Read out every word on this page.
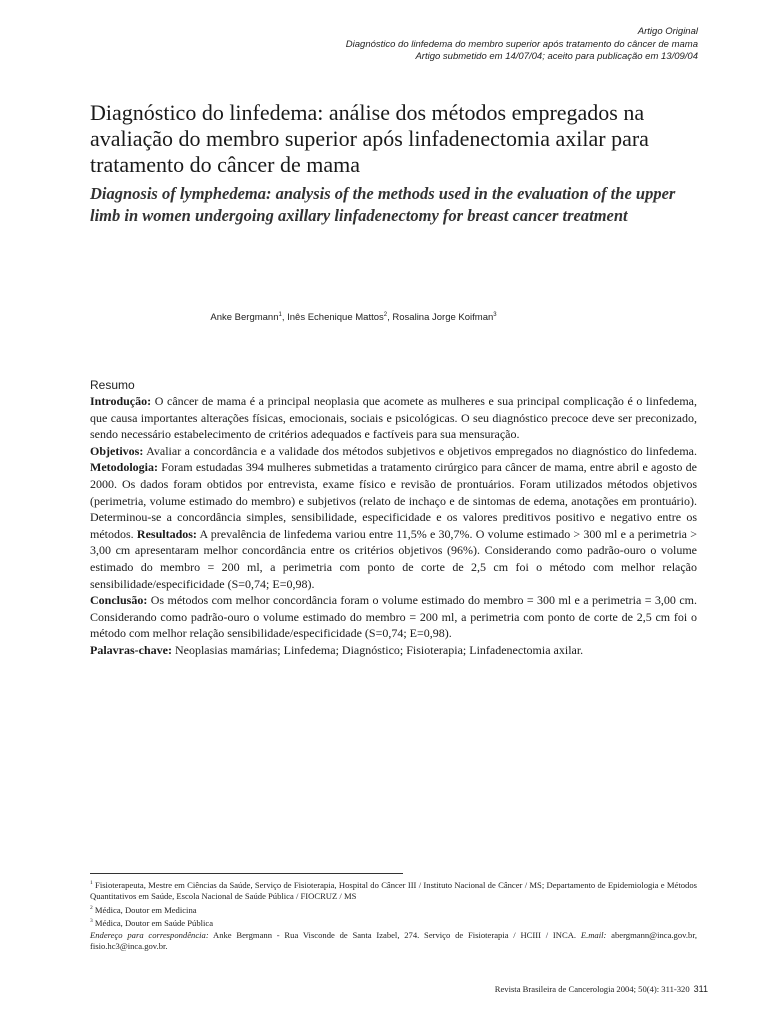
Artigo Original
Diagnóstico do linfedema do membro superior após tratamento do câncer de mama
Artigo submetido em 14/07/04; aceito para publicação em 13/09/04
Diagnóstico do linfedema: análise dos métodos empregados na avaliação do membro superior após linfadenectomia axilar para tratamento do câncer de mama
Diagnosis of lymphedema: analysis of the methods used in the evaluation of the upper limb in women undergoing axillary linfadenectomy for breast cancer treatment
Anke Bergmann$^1$, Inês Echenique Mattos$^2$, Rosalina Jorge Koifman$^3$
Resumo

Introdução: O câncer de mama é a principal neoplasia que acomete as mulheres e sua principal complicação é o linfedema, que causa importantes alterações físicas, emocionais, sociais e psicológicas. O seu diagnóstico precoce deve ser preconizado, sendo necessário estabelecimento de critérios adequados e factíveis para sua mensuração.

Objetivos: Avaliar a concordância e a validade dos métodos subjetivos e objetivos empregados no diagnóstico do linfedema. Metodologia: Foram estudadas 394 mulheres submetidas a tratamento cirúrgico para câncer de mama, entre abril e agosto de 2000. Os dados foram obtidos por entrevista, exame físico e revisão de prontuários. Foram utilizados métodos objetivos (perimetria, volume estimado do membro) e subjetivos (relato de inchaço e de sintomas de edema, anotações em prontuário). Determinou-se a concordância simples, sensibilidade, especificidade e os valores preditivos positivo e negativo entre os métodos. Resultados: A prevalência de linfedema variou entre 11,5% e 30,7%. O volume estimado > 300 ml e a perimetria > 3,00 cm apresentaram melhor concordância entre os critérios objetivos (96%). Considerando como padrão-ouro o volume estimado do membro = 200 ml, a perimetria com ponto de corte de 2,5 cm foi o método com melhor relação sensibilidade/especificidade (S=0,74; E=0,98).

Conclusão: Os métodos com melhor concordância foram o volume estimado do membro = 300 ml e a perimetria = 3,00 cm. Considerando como padrão-ouro o volume estimado do membro = 200 ml, a perimetria com ponto de corte de 2,5 cm foi o método com melhor relação sensibilidade/especificidade (S=0,74; E=0,98).

Palavras-chave: Neoplasias mamárias; Linfedema; Diagnóstico; Fisioterapia; Linfadenectomia axilar.

$^1$ Fisioterapeuta, Mestre em Ciências da Saúde, Serviço de Fisioterapia, Hospital do Câncer III / Instituto Nacional de Câncer / MS; Departamento de Epidemiologia e Métodos Quantitativos em Saúde, Escola Nacional de Saúde Pública / FIOCRUZ / MS

$^2$ Médica, Doutor em Medicina

$^3$ Médica, Doutor em Saúde Pública

Endereço para correspondência: Anke Bergmann - Rua Visconde de Santa Izabel, 274. Serviço de Fisioterapia / HCIII / INCA. E.mail: abergmann@inca.gov.br, fisio.hc3@inca.gov.br.

Revista Brasileira de Cancerologia 2004; 50(4): 311-320 311
